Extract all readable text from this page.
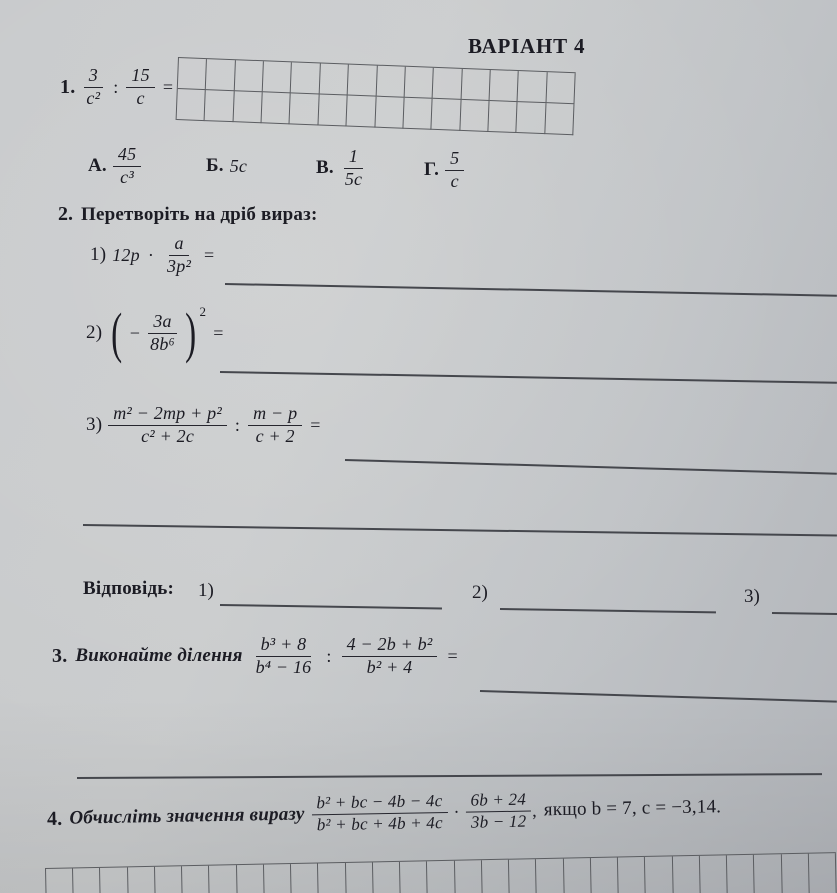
ВАРІАНТ 4
1. $\frac{3}{\text{c²}}$ : $\frac{15}{c}$ =
А. $\frac{45}{\text{c³}}$	Б. 5c	В. $\frac{1}{5c}$	Г. $\frac{5}{c}$
2. Перетворіть на дріб вираз:
1) $12p \cdot \frac{a}{\text{3p²}}$ =
2) ( − $\frac{3a}{\text{8b⁶}}$ ) 2
=
$3) \frac{\text{m² − 2mp + p²}}{\text{c² + 2c}}$ : $\frac{m - p}{c + 2}$ =
Відповідь: 1)	2)	3)
3. Виконайте ділення $\frac{\text{b³ + 8}}{\text{b⁴ − 16}}$ : $\frac{\text{4 − 2b + b²}}{\text{b² + 4}}$ =
4. Обчисліть значення виразу $\frac{\text{b² + bc − 4b − 4c}}{\text{b² + bc + 4b + 4c}} \cdot \frac{6b + 24}{3b - 12}$ , якщо b = 7, c = −3,14.
